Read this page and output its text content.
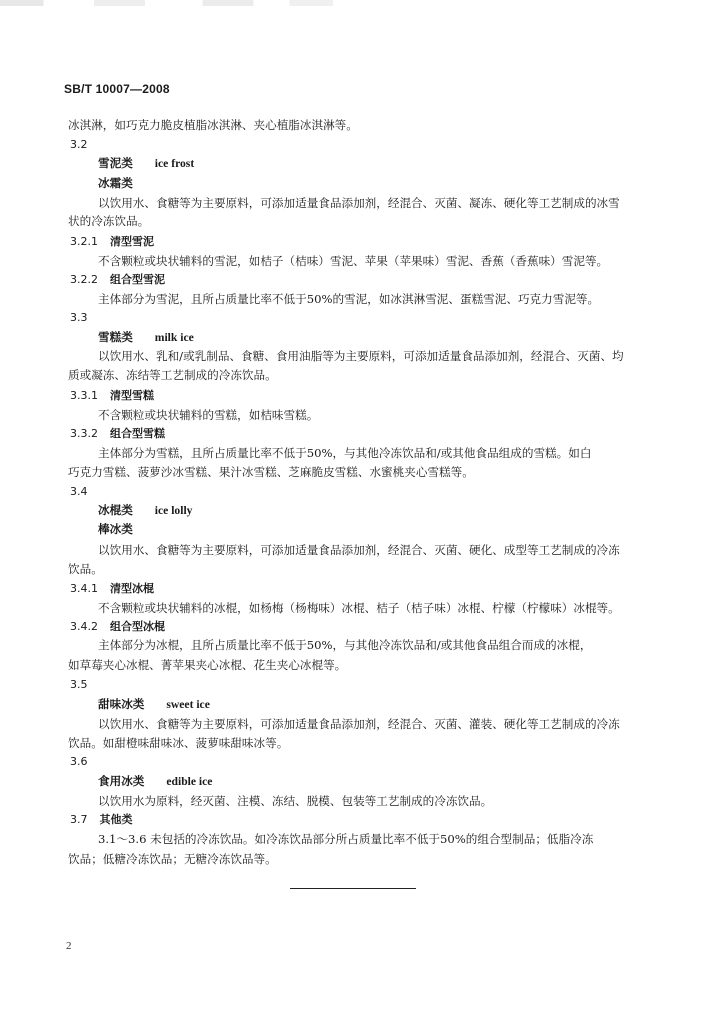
SB/T 10007—2008
冰淇淋，如巧克力脆皮植脂冰淇淋、夹心植脂冰淇淋等。
3.2
雪泥类 ice frost
冰霜类
以饮用水、食糖等为主要原料，可添加适量食品添加剂，经混合、灭菌、凝冻、硬化等工艺制成的冰雪
状的冷冻饮品。
3.2.1 清型雪泥
不含颗粒或块状辅料的雪泥，如桔子（桔味）雪泥、苹果（苹果味）雪泥、香蕉（香蕉味）雪泥等。
3.2.2 组合型雪泥
主体部分为雪泥，且所占质量比率不低于50%的雪泥，如冰淇淋雪泥、蛋糕雪泥、巧克力雪泥等。
3.3
雪糕类 milk ice
以饮用水、乳和/或乳制品、食糖、食用油脂等为主要原料，可添加适量食品添加剂，经混合、灭菌、均
质或凝冻、冻结等工艺制成的冷冻饮品。
3.3.1 清型雪糕
不含颗粒或块状辅料的雪糕，如桔味雪糕。
3.3.2 组合型雪糕
主体部分为雪糕，且所占质量比率不低于50%，与其他冷冻饮品和/或其他食品组成的雪糕。如白
巧克力雪糕、菠萝沙冰雪糕、果汁冰雪糕、芝麻脆皮雪糕、水蜜桃夹心雪糕等。
3.4
冰棍类 ice lolly
棒冰类
以饮用水、食糖等为主要原料，可添加适量食品添加剂，经混合、灭菌、硬化、成型等工艺制成的冷冻
饮品。
3.4.1 清型冰棍
不含颗粒或块状辅料的冰棍，如杨梅（杨梅味）冰棍、桔子（桔子味）冰棍、柠檬（柠檬味）冰棍等。
3.4.2 组合型冰棍
主体部分为冰棍，且所占质量比率不低于50%，与其他冷冻饮品和/或其他食品组合而成的冰棍，
如草莓夹心冰棍、菁苹果夹心冰棍、花生夹心冰棍等。
3.5
甜味冰类 sweet ice
以饮用水、食糖等为主要原料，可添加适量食品添加剂，经混合、灭菌、灌装、硬化等工艺制成的冷冻
饮品。如甜橙味甜味冰、菠萝味甜味冰等。
3.6
食用冰类 edible ice
以饮用水为原料，经灭菌、注模、冻结、脱模、包装等工艺制成的冷冻饮品。
3.7 其他类
3.1～3.6 未包括的冷冻饮品。如冷冻饮品部分所占质量比率不低于50%的组合型制品；低脂冷冻
饮品；低糖冷冻饮品；无糖冷冻饮品等。
2
